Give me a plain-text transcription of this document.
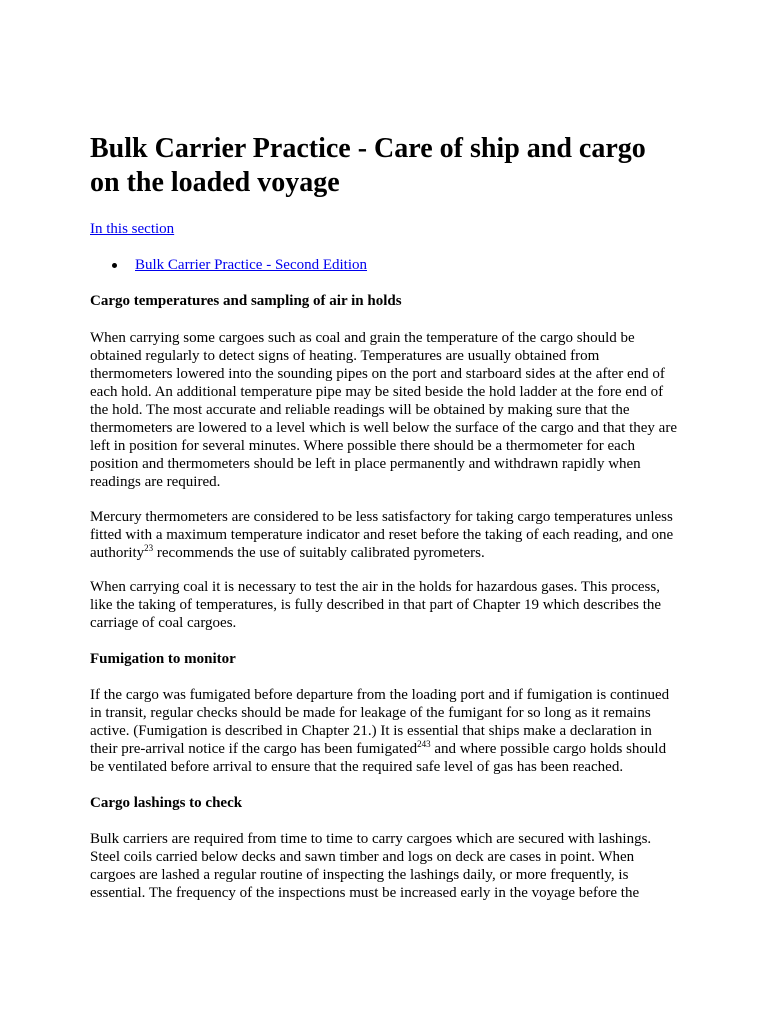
Bulk Carrier Practice - Care of ship and cargo on the loaded voyage
In this section
Bulk Carrier Practice - Second Edition
Cargo temperatures and sampling of air in holds

When carrying some cargoes such as coal and grain the temperature of the cargo should be obtained regularly to detect signs of heating. Temperatures are usually obtained from thermometers lowered into the sounding pipes on the port and starboard sides at the after end of each hold. An additional temperature pipe may be sited beside the hold ladder at the fore end of the hold. The most accurate and reliable readings will be obtained by making sure that the thermometers are lowered to a level which is well below the surface of the cargo and that they are left in position for several minutes. Where possible there should be a thermometer for each position and thermometers should be left in place permanently and withdrawn rapidly when readings are required.

Mercury thermometers are considered to be less satisfactory for taking cargo temperatures unless fitted with a maximum temperature indicator and reset before the taking of each reading, and one authority$^{23}$ recommends the use of suitably calibrated pyrometers.

When carrying coal it is necessary to test the air in the holds for hazardous gases. This process, like the taking of temperatures, is fully described in that part of Chapter 19 which describes the carriage of coal cargoes.

Fumigation to monitor

If the cargo was fumigated before departure from the loading port and if fumigation is continued in transit, regular checks should be made for leakage of the fumigant for so long as it remains active. (Fumigation is described in Chapter 21.) It is essential that ships make a declaration in their pre-arrival notice if the cargo has been fumigated$^{243}$ and where possible cargo holds should be ventilated before arrival to ensure that the required safe level of gas has been reached.

Cargo lashings to check

Bulk carriers are required from time to time to carry cargoes which are secured with lashings. Steel coils carried below decks and sawn timber and logs on deck are cases in point. When cargoes are lashed a regular routine of inspecting the lashings daily, or more frequently, is essential. The frequency of the inspections must be increased early in the voyage before the
